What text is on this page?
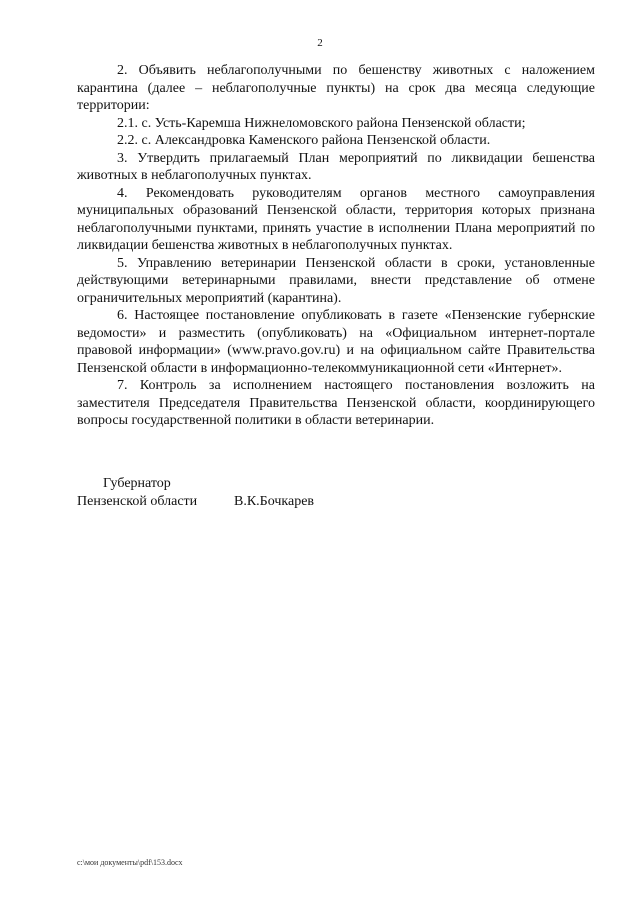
2

2. Объявить неблагополучными по бешенству животных с наложением карантина (далее – неблагополучные пункты) на срок два месяца следующие территории:

2.1. с. Усть-Каремша Нижнеломовского района Пензенской области;

2.2. с. Александровка Каменского района Пензенской области.

3. Утвердить прилагаемый План мероприятий по ликвидации бешенства животных в неблагополучных пунктах.

4. Рекомендовать руководителям органов местного самоуправления муниципальных образований Пензенской области, территория которых признана неблагополучными пунктами, принять участие в исполнении Плана мероприятий по ликвидации бешенства животных в неблагополучных пунктах.

5. Управлению ветеринарии Пензенской области в сроки, установленные действующими ветеринарными правилами, внести представление об отмене ограничительных мероприятий (карантина).

6. Настоящее постановление опубликовать в газете «Пензенские губернские ведомости» и разместить (опубликовать) на «Официальном интернет-портале правовой информации» (www.pravo.gov.ru) и на официальном сайте Правительства Пензенской области в информационно-телекоммуникационной сети «Интернет».

7. Контроль за исполнением настоящего постановления возложить на заместителя Председателя Правительства Пензенской области, координирующего вопросы государственной политики в области ветеринарии.

Губернатор
Пензенской области	В.К.Бочкарев
c:\мои документы\pdf\153.docx
